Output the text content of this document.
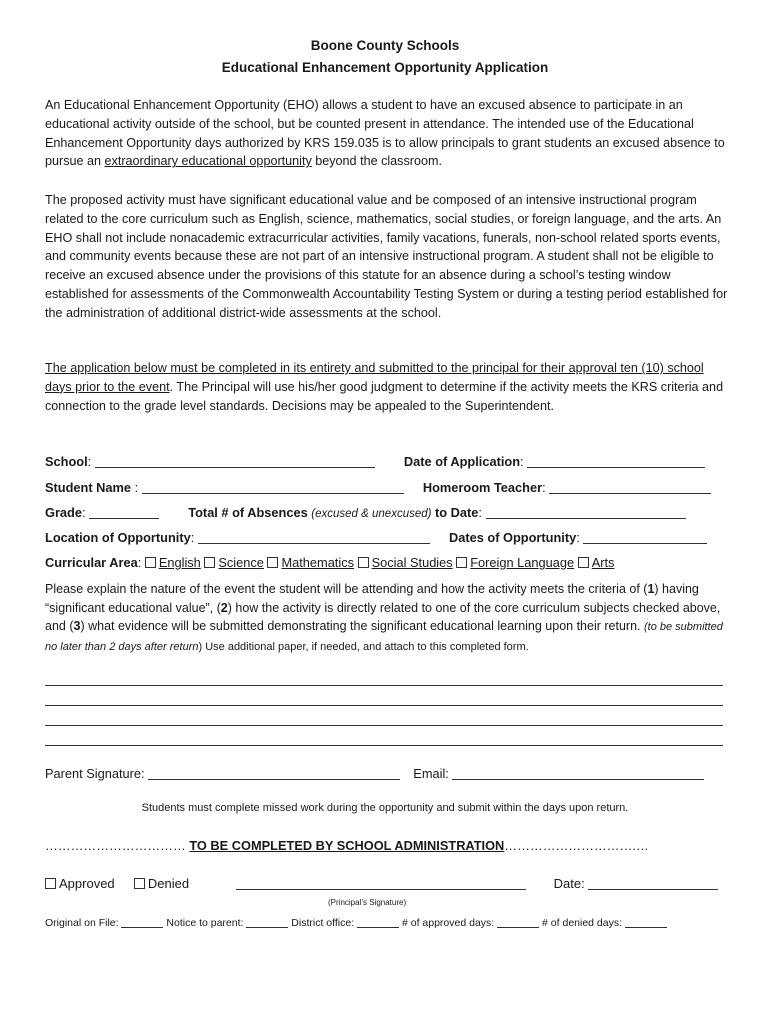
Boone County Schools
Educational Enhancement Opportunity Application

An Educational Enhancement Opportunity (EHO) allows a student to have an excused absence to participate in an educational activity outside of the school, but be counted present in attendance. The intended use of the Educational Enhancement Opportunity days authorized by KRS 159.035 is to allow principals to grant students an excused absence to pursue an extraordinary educational opportunity beyond the classroom.

The proposed activity must have significant educational value and be composed of an intensive instructional program related to the core curriculum such as English, science, mathematics, social studies, or foreign language, and the arts. An EHO shall not include nonacademic extracurricular activities, family vacations, funerals, non-school related sports events, and community events because these are not part of an intensive instructional program. A student shall not be eligible to receive an excused absence under the provisions of this statute for an absence during a school’s testing window established for assessments of the Commonwealth Accountability Testing System or during a testing period established for the administration of additional district-wide assessments at the school.

The application below must be completed in its entirety and submitted to the principal for their approval ten (10) school days prior to the event. The Principal will use his/her good judgment to determine if the activity meets the KRS criteria and connection to the grade level standards. Decisions may be appealed to the Superintendent.

School:	Date of Application:
Student Name :	Homeroom Teacher:
Grade:	Total # of Absences (excused & unexcused) to Date:
Location of Opportunity:	Dates of Opportunity:
Curricular Area: English Science Mathematics Social Studies Foreign Language Arts

Please explain the nature of the event the student will be attending and how the activity meets the criteria of (1) having “significant educational value”, (2) how the activity is directly related to one of the core curriculum subjects checked above, and (3) what evidence will be submitted demonstrating the significant educational learning upon their return. (to be submitted no later than 2 days after return) Use additional paper, if needed, and attach to this completed form.

Parent Signature:	Email:
Students must complete missed work during the opportunity and submit within the days upon return.
…………………………… TO BE COMPLETED BY SCHOOL ADMINISTRATION………………………….…
Approved	Denied	Date:
(Principal’s Signature)
Original on File:	Notice to parent:	District office:	# of approved days:	# of denied days:
